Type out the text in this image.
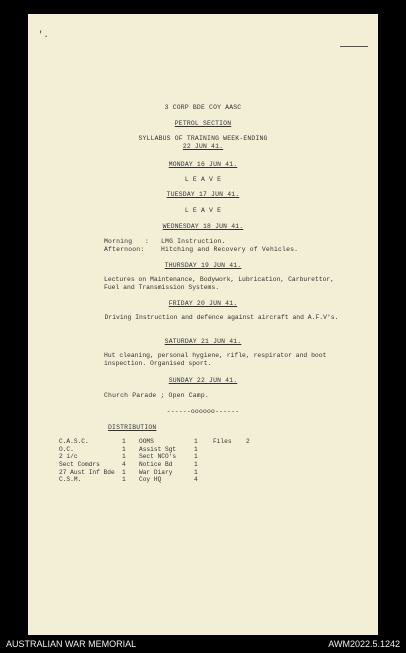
'.
3 CORP BDE COY AASC
PETROL SECTION
SYLLABUS OF TRAINING WEEK-ENDING
22 JUN 41.
MONDAY 16 JUN 41.
L E A V E
TUESDAY 17 JUN 41.
L E A V E
WEDNESDAY 18 JUN 41.
Morning : LMG Instruction.
Afternoon:	Hitching and Recovery of Vehicles.
THURSDAY 19 JUN 41.
Lectures on Maintenance, Bodywork, Lubrication, Carburettor, Fuel and Transmission Systems.
FRIDAY 20 JUN 41.
Driving Instruction and defence against aircraft and A.F.V's.
SATURDAY 21 JUN 41.
Hut cleaning, personal hygiene, rifle, respirator and boot inspection. Organised sport.
SUNDAY 22 JUN 41.
Church Parade ; Open Camp.
------oooooo------
DISTRIBUTION
C.A.S.C.	1	OOMS	1	Files	2
O.C.	1	Assist Sgt	1		
2 i/c	1	Sect NCO's	1		
Sect Comdrs	4	Notice Bd	1		
27 Aust Inf Bde	1	War Diary	1		
C.S.M.	1	Coy HQ	4		
AUSTRALIAN WAR MEMORIAL	AWM2022.5.1242
